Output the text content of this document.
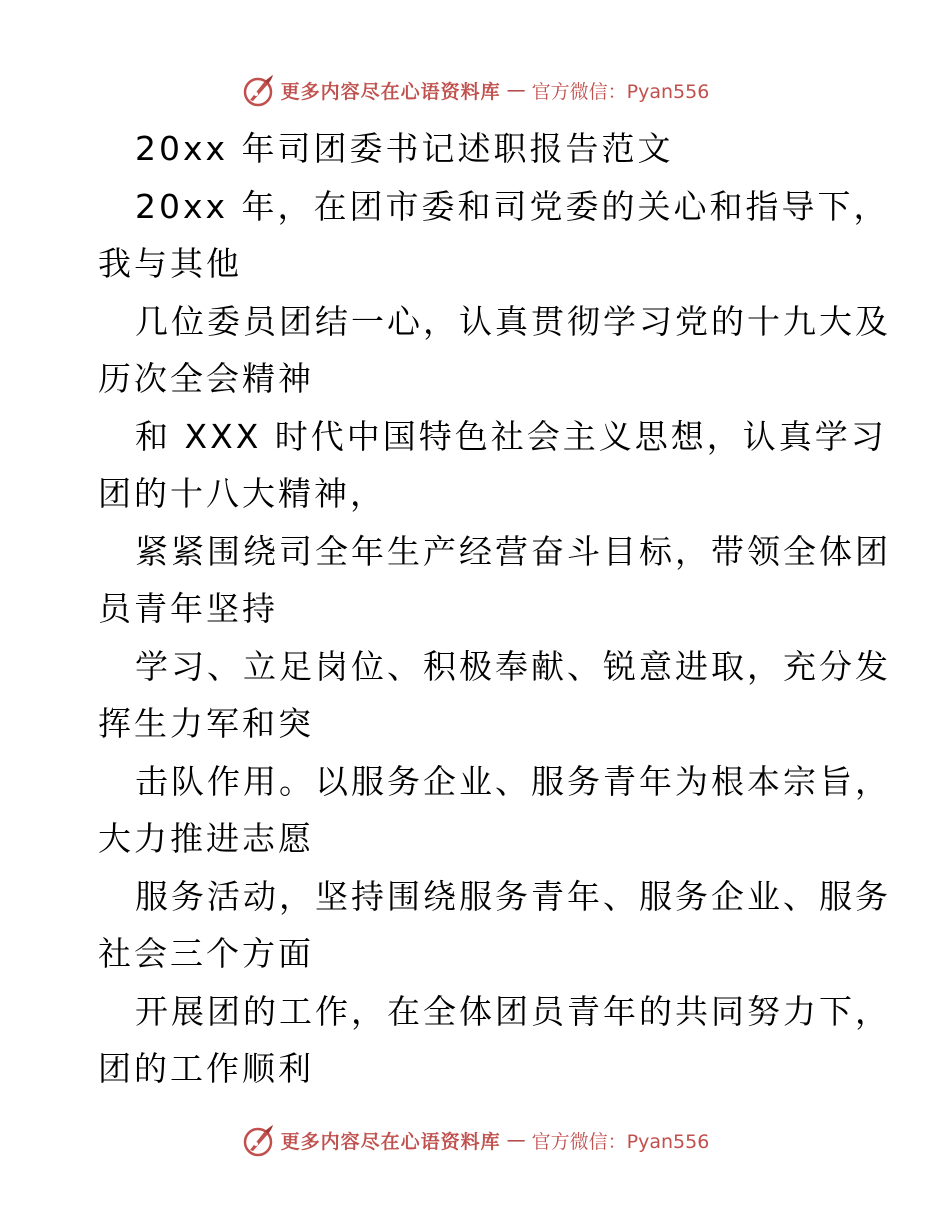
更多内容尽在心语资料库 — 官方微信：Pyan556
20xx 年司团委书记述职报告范文
20xx 年，在团市委和司党委的关心和指导下，
我与其他
几位委员团结一心，认真贯彻学习党的十九大及
历次全会精神
和 XXX 时代中国特色社会主义思想，认真学习
团的十八大精神，
紧紧围绕司全年生产经营奋斗目标，带领全体团
员青年坚持
学习、立足岗位、积极奉献、锐意进取，充分发
挥生力军和突
击队作用。以服务企业、服务青年为根本宗旨，
大力推进志愿
服务活动，坚持围绕服务青年、服务企业、服务
社会三个方面
开展团的工作，在全体团员青年的共同努力下，
团的工作顺利
更多内容尽在心语资料库 — 官方微信：Pyan556
